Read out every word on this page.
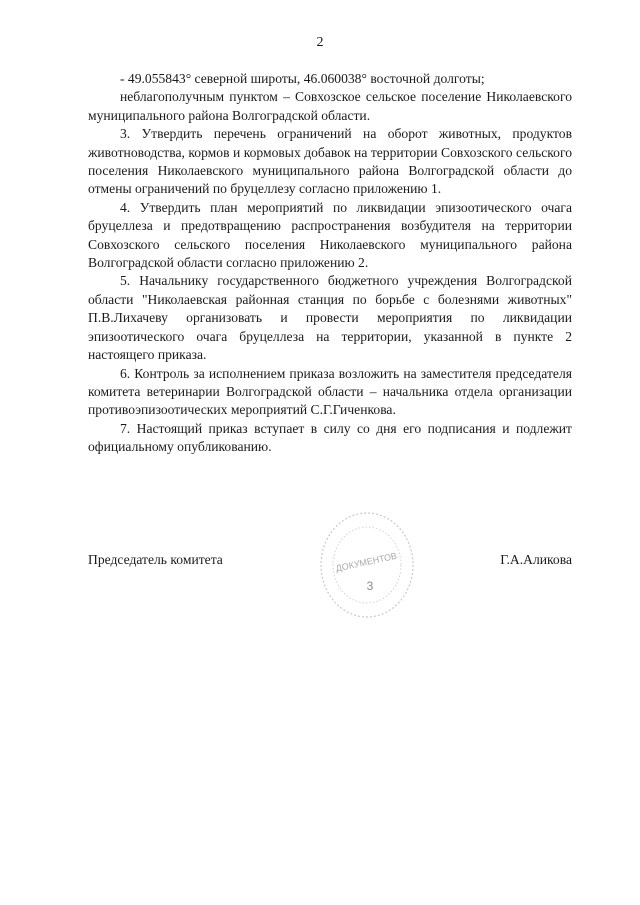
2

- 49.055843° северной широты, 46.060038° восточной долготы;

неблагополучным пунктом – Совхозское сельское поселение Николаевского муниципального района Волгоградской области.

3. Утвердить перечень ограничений на оборот животных, продуктов животноводства, кормов и кормовых добавок на территории Совхозского сельского поселения Николаевского муниципального района Волгоградской области до отмены ограничений по бруцеллезу согласно приложению 1.

4. Утвердить план мероприятий по ликвидации эпизоотического очага бруцеллеза и предотвращению распространения возбудителя на территории Совхозского сельского поселения Николаевского муниципального района Волгоградской области согласно приложению 2.

5. Начальнику государственного бюджетного учреждения Волгоградской области "Николаевская районная станция по борьбе с болезнями животных" П.В.Лихачеву организовать и провести мероприятия по ликвидации эпизоотического очага бруцеллеза на территории, указанной в пункте 2 настоящего приказа.

6. Контроль за исполнением приказа возложить на заместителя председателя комитета ветеринарии Волгоградской области – начальника отдела организации противоэпизоотических мероприятий С.Г.Гиченкова.

7. Настоящий приказ вступает в силу со дня его подписания и подлежит официальному опубликованию.

ДОКУМЕНТОВ
3
Председатель комитета	Г.А.Аликова
